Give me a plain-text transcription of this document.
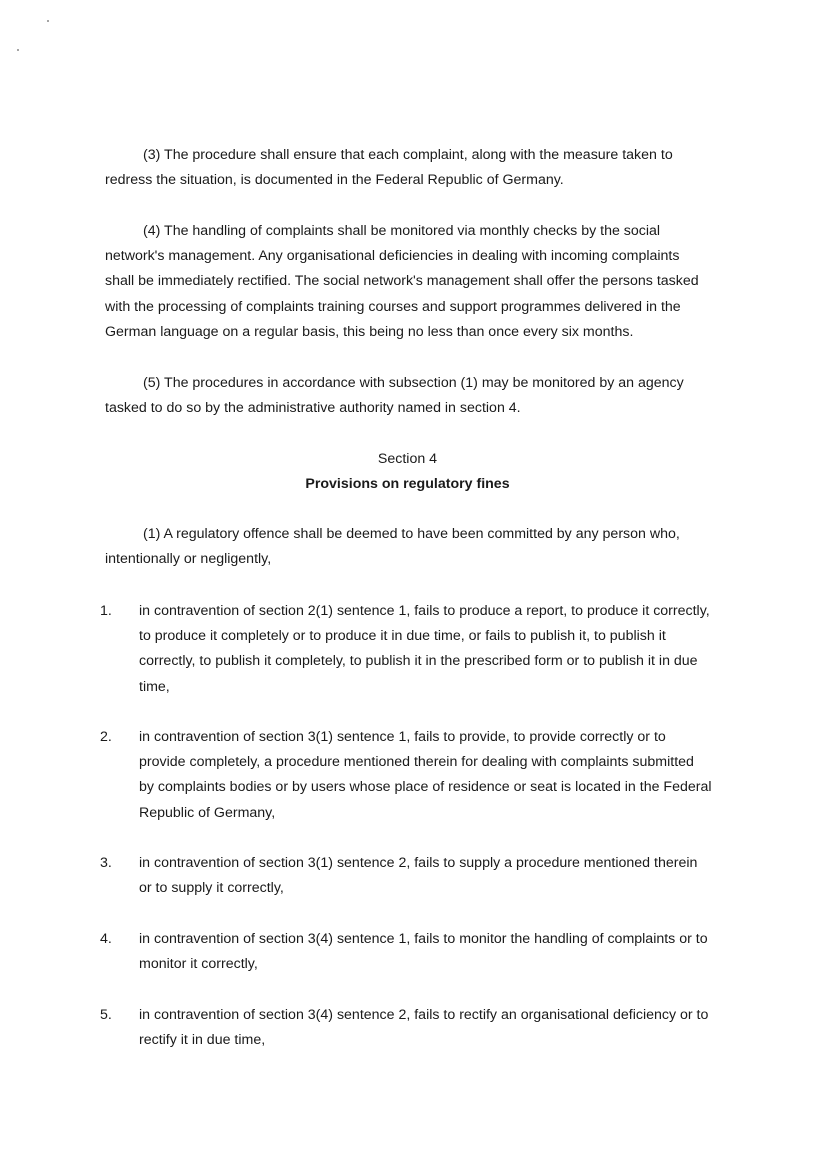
(3) The procedure shall ensure that each complaint, along with the measure taken to redress the situation, is documented in the Federal Republic of Germany.

(4) The handling of complaints shall be monitored via monthly checks by the social network's management. Any organisational deficiencies in dealing with incoming complaints shall be immediately rectified. The social network's management shall offer the persons tasked with the processing of complaints training courses and support programmes delivered in the German language on a regular basis, this being no less than once every six months.

(5) The procedures in accordance with subsection (1) may be monitored by an agency tasked to do so by the administrative authority named in section 4.

Section 4

Provisions on regulatory fines

(1) A regulatory offence shall be deemed to have been committed by any person who, intentionally or negligently,

1.	in contravention of section 2(1) sentence 1, fails to produce a report, to produce it correctly, to produce it completely or to produce it in due time, or fails to publish it, to publish it correctly, to publish it completely, to publish it in the prescribed form or to publish it in due time,
2.	in contravention of section 3(1) sentence 1, fails to provide, to provide correctly or to provide completely, a procedure mentioned therein for dealing with complaints submitted by complaints bodies or by users whose place of residence or seat is located in the Federal Republic of Germany,
3.	in contravention of section 3(1) sentence 2, fails to supply a procedure mentioned therein or to supply it correctly,
4.	in contravention of section 3(4) sentence 1, fails to monitor the handling of complaints or to monitor it correctly,
5.	in contravention of section 3(4) sentence 2, fails to rectify an organisational deficiency or to rectify it in due time,
